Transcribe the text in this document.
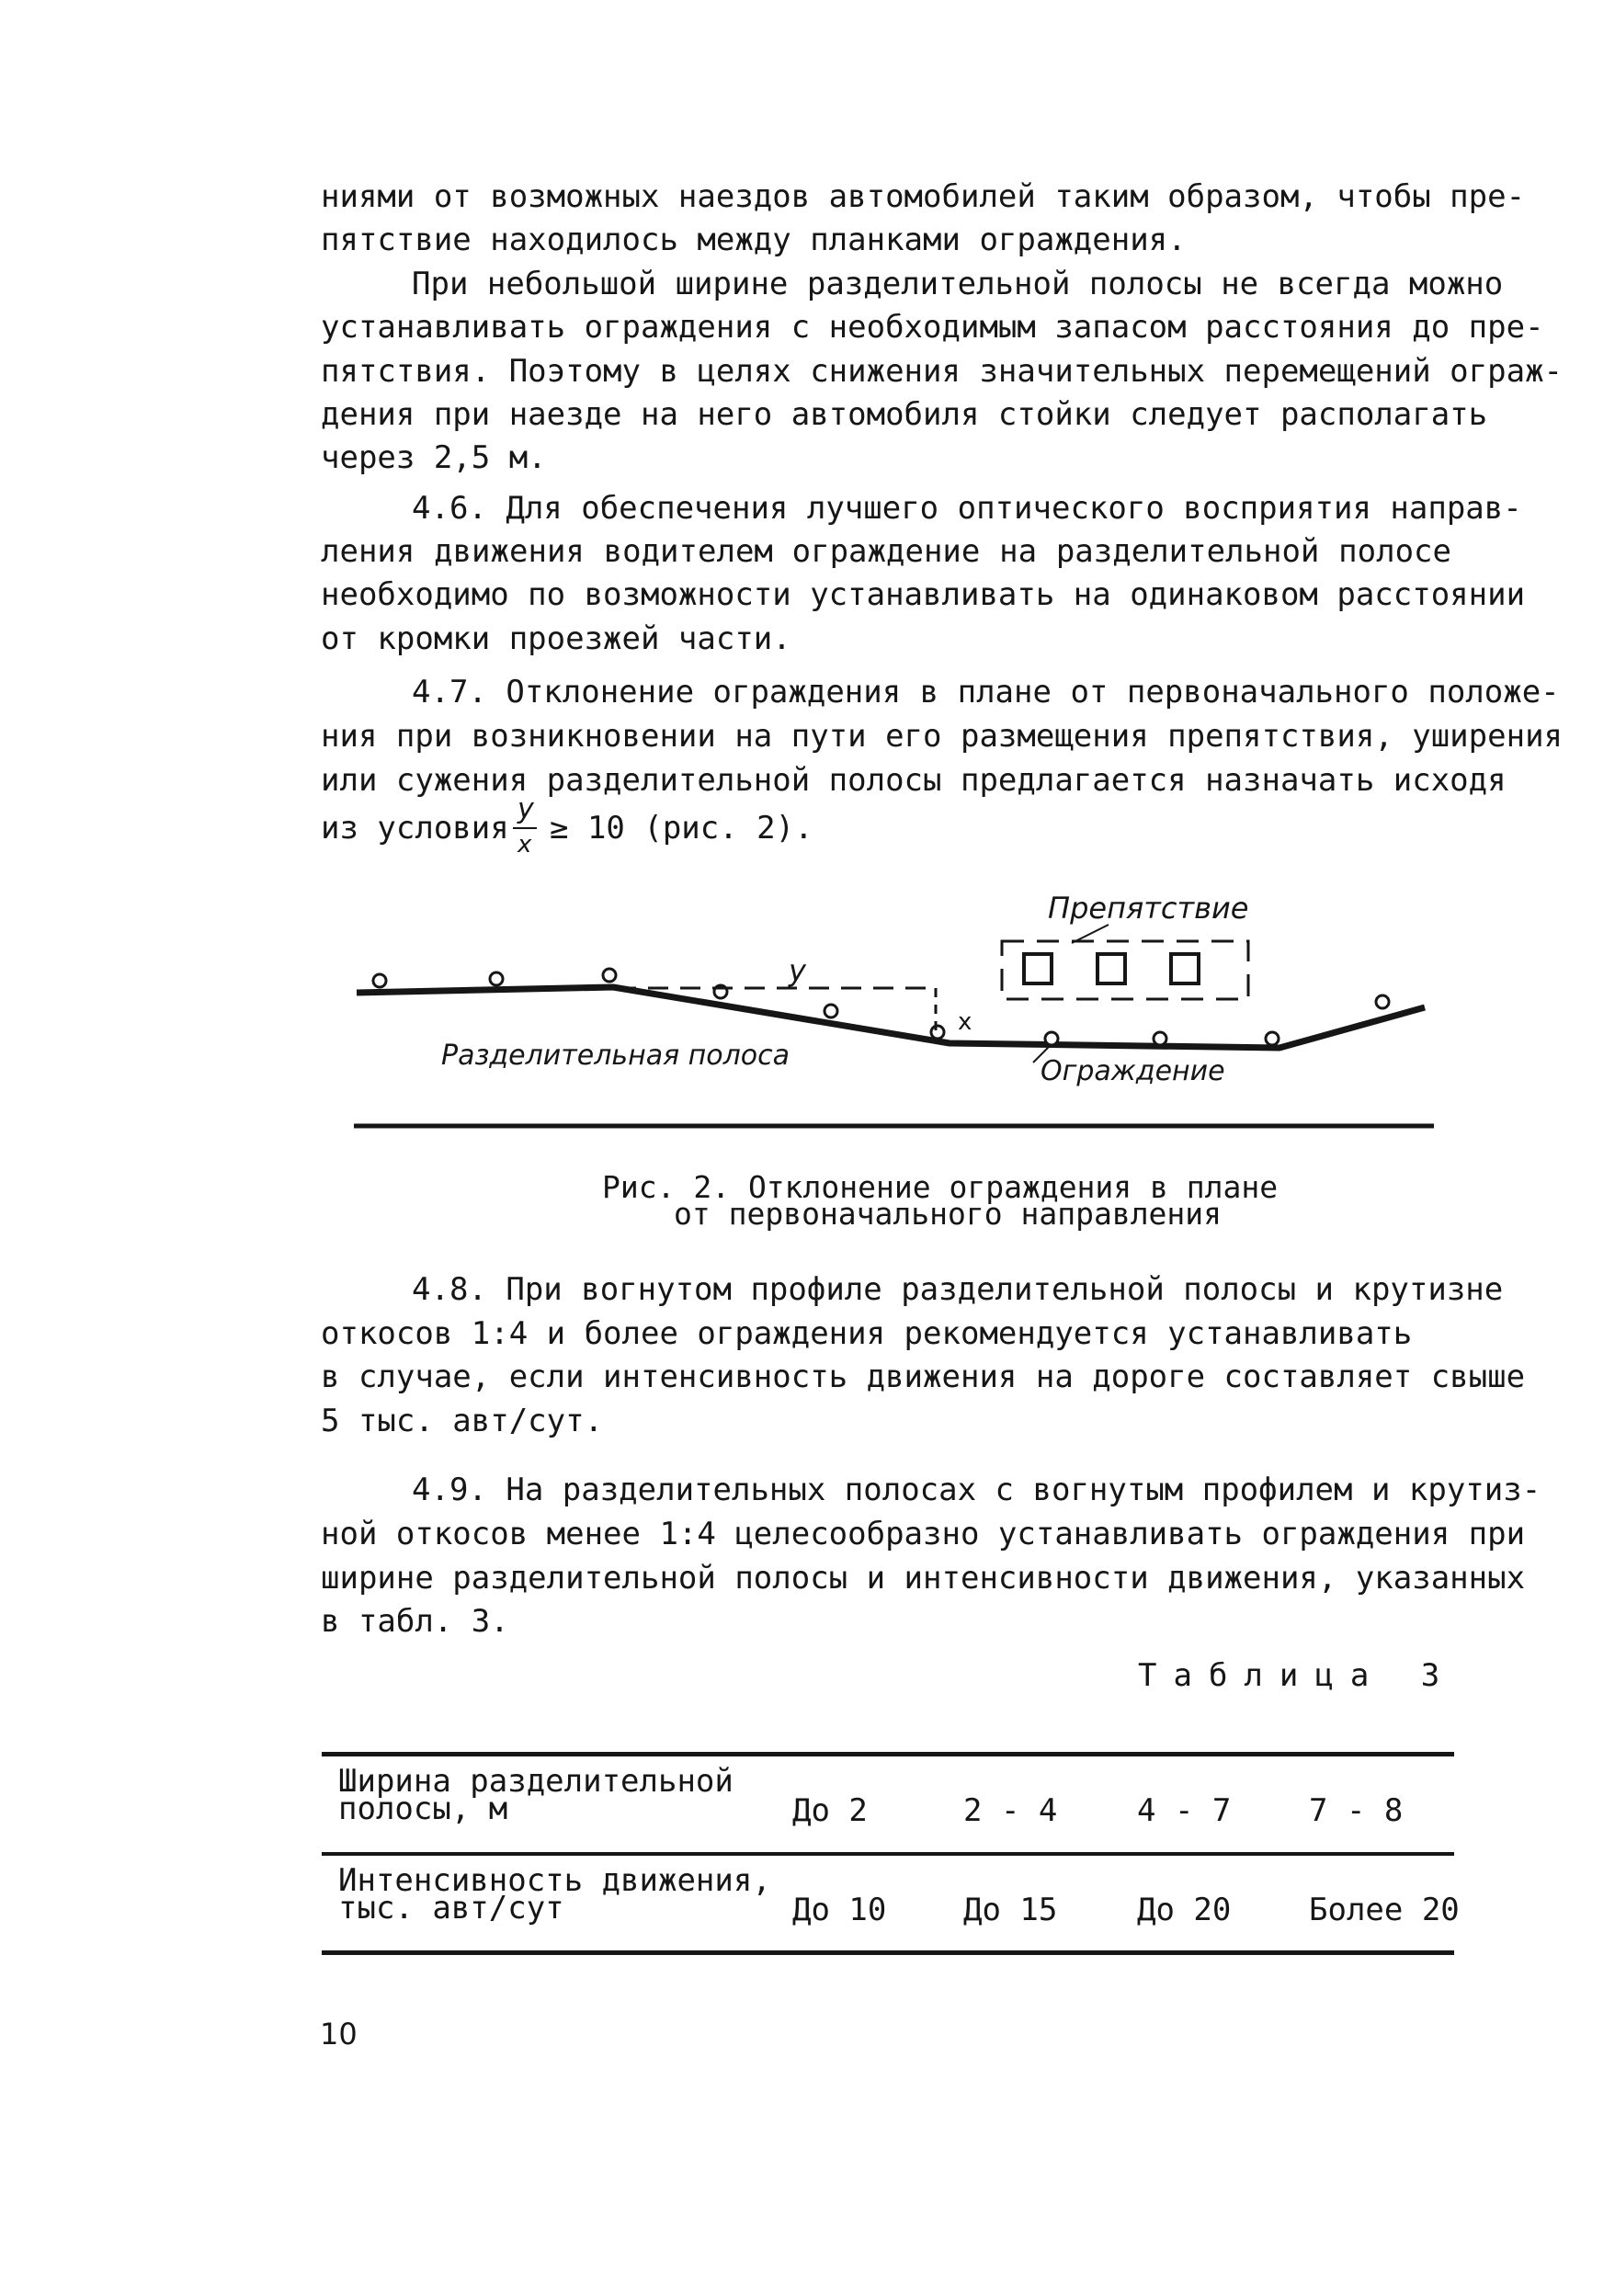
ниями от возможных наездов автомобилей таким образом, чтобы пре-
пятствие находилось между планками ограждения.
При небольшой ширине разделительной полосы не всегда можно
устанавливать ограждения с необходимым запасом расстояния до пре-
пятствия. Поэтому в целях снижения значительных перемещений ограж-
дения при наезде на него автомобиля стойки следует располагать
через 2,5 м.
4.6. Для обеспечения лучшего оптического восприятия направ-
ления движения водителем ограждение на разделительной полосе
необходимо по возможности устанавливать на одинаковом расстоянии
от кромки проезжей части.
4.7. Отклонение ограждения в плане от первоначального положе-
ния при возникновении на пути его размещения препятствия, уширения
или сужения разделительной полосы предлагается назначать исходя
из условия
y
x ≥ 10 (рис. 2).
Препятствие
y
x
Разделительная полоса	Ограждение
Рис. 2. Отклонение ограждения в плане
от первоначального направления
4.8. При вогнутом профиле разделительной полосы и крутизне
откосов 1:4 и более ограждения рекомендуется устанавливать
в случае, если интенсивность движения на дороге составляет свыше
5 тыс. авт/сут.
4.9. На разделительных полосах с вогнутым профилем и крутиз-
ной откосов менее 1:4 целесообразно устанавливать ограждения при
ширине разделительной полосы и интенсивности движения, указанных
в табл. 3.
Таблица 3
Ширина разделительной
полосы, м	До 2	2 - 4	4 - 7 7 - 8
Интенсивность движения,
тыс. авт/сут	До 10 До 15	До 20 Более 20
10
